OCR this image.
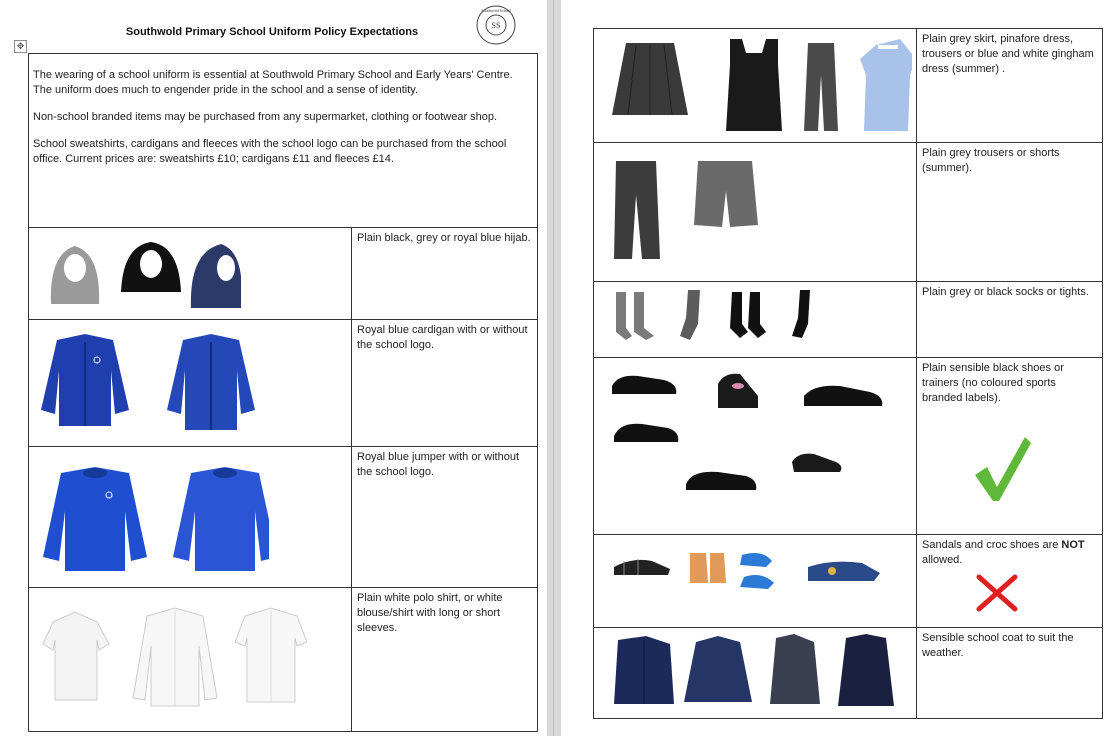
✥
Southwold Primary School Uniform Policy Expectations
SS
Southwold School

The wearing of a school uniform is essential at Southwold Primary School and Early Years' Centre. The uniform does much to engender pride in the school and a sense of identity.

Non-school branded items may be purchased from any supermarket, clothing or footwear shop.

School sweatshirts, cardigans and fleeces with the school logo can be purchased from the school office. Current prices are: sweatshirts £10; cardigans £11 and fleeces £14.	

Plain black, grey or royal blue hijab.

Royal blue cardigan with or without the school logo.

Royal blue jumper with or without the school logo.

Plain white polo shirt, or white blouse/shirt with long or short sleeves.

Plain grey skirt, pinafore dress, trousers or blue and white gingham dress (summer) .

Plain grey trousers or shorts (summer).

Plain grey or black socks or tights.

Plain sensible black shoes or trainers (no coloured sports branded labels).

Sandals and croc shoes are NOT allowed.

Sensible school coat to suit the weather.
